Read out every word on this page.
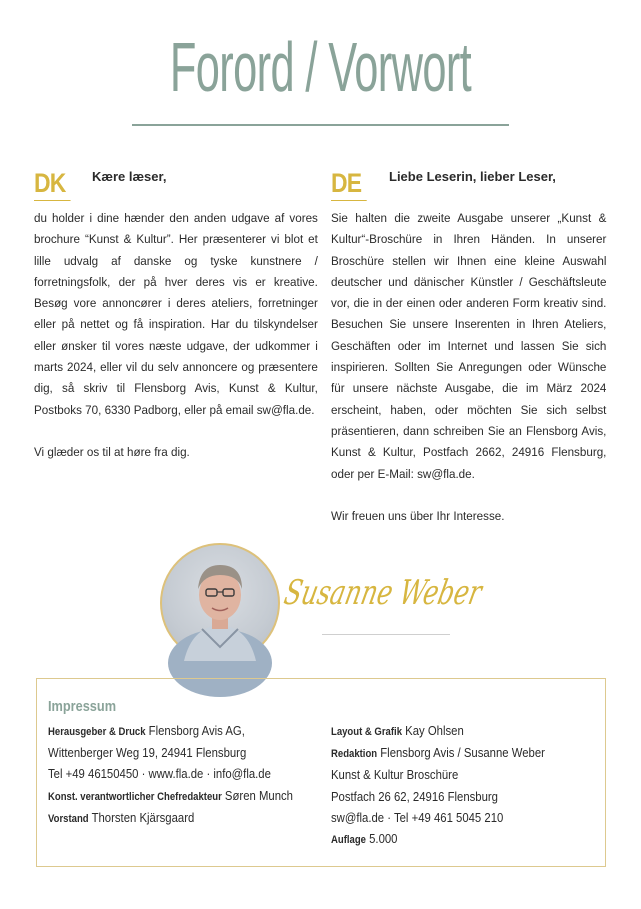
Forord / Vorwort
DK Kære læser,

du holder i dine hænder den anden udgave af vores brochure “Kunst & Kultur”. Her præsenterer vi blot et lille udvalg af danske og tyske kunstnere / forretningsfolk, der på hver deres vis er kreative. Besøg vore annoncører i deres ateliers, forretninger eller på nettet og få inspiration. Har du tilskyndelser eller ønsker til vores næste udgave, der udkommer i marts 2024, eller vil du selv annoncere og præsentere dig, så skriv til Flensborg Avis, Kunst & Kultur, Postboks 70, 6330 Padborg, eller på email sw@fla.de.

Vi glæder os til at høre fra dig.

DE Liebe Leserin, lieber Leser,

Sie halten die zweite Ausgabe unserer „Kunst & Kultur“-Broschüre in Ihren Händen. In unserer Broschüre stellen wir Ihnen eine kleine Auswahl deutscher und dänischer Künstler / Geschäftsleute vor, die in der einen oder anderen Form kreativ sind. Besuchen Sie unsere Inserenten in Ihren Ateliers, Geschäften oder im Internet und lassen Sie sich inspirieren. Sollten Sie Anregungen oder Wünsche für unsere nächste Ausgabe, die im März 2024 erscheint, haben, oder möchten Sie sich selbst präsentieren, dann schreiben Sie an Flensborg Avis, Kunst & Kultur, Postfach 2662, 24916 Flensburg, oder per E-Mail: sw@fla.de.

Wir freuen uns über Ihr Interesse.

Susanne Weber
Impressum
Herausgeber & Druck Flensborg Avis AG,
Wittenberger Weg 19, 24941 Flensburg
Tel +49 46150450 · www.fla.de · info@fla.de
Konst. verantwortlicher Chefredakteur Søren Munch
Vorstand Thorsten Kjärsgaard
Layout & Grafik Kay Ohlsen
Redaktion Flensborg Avis / Susanne Weber
Kunst & Kultur Broschüre
Postfach 26 62, 24916 Flensburg
sw@fla.de · Tel +49 461 5045 210
Auflage 5.000
